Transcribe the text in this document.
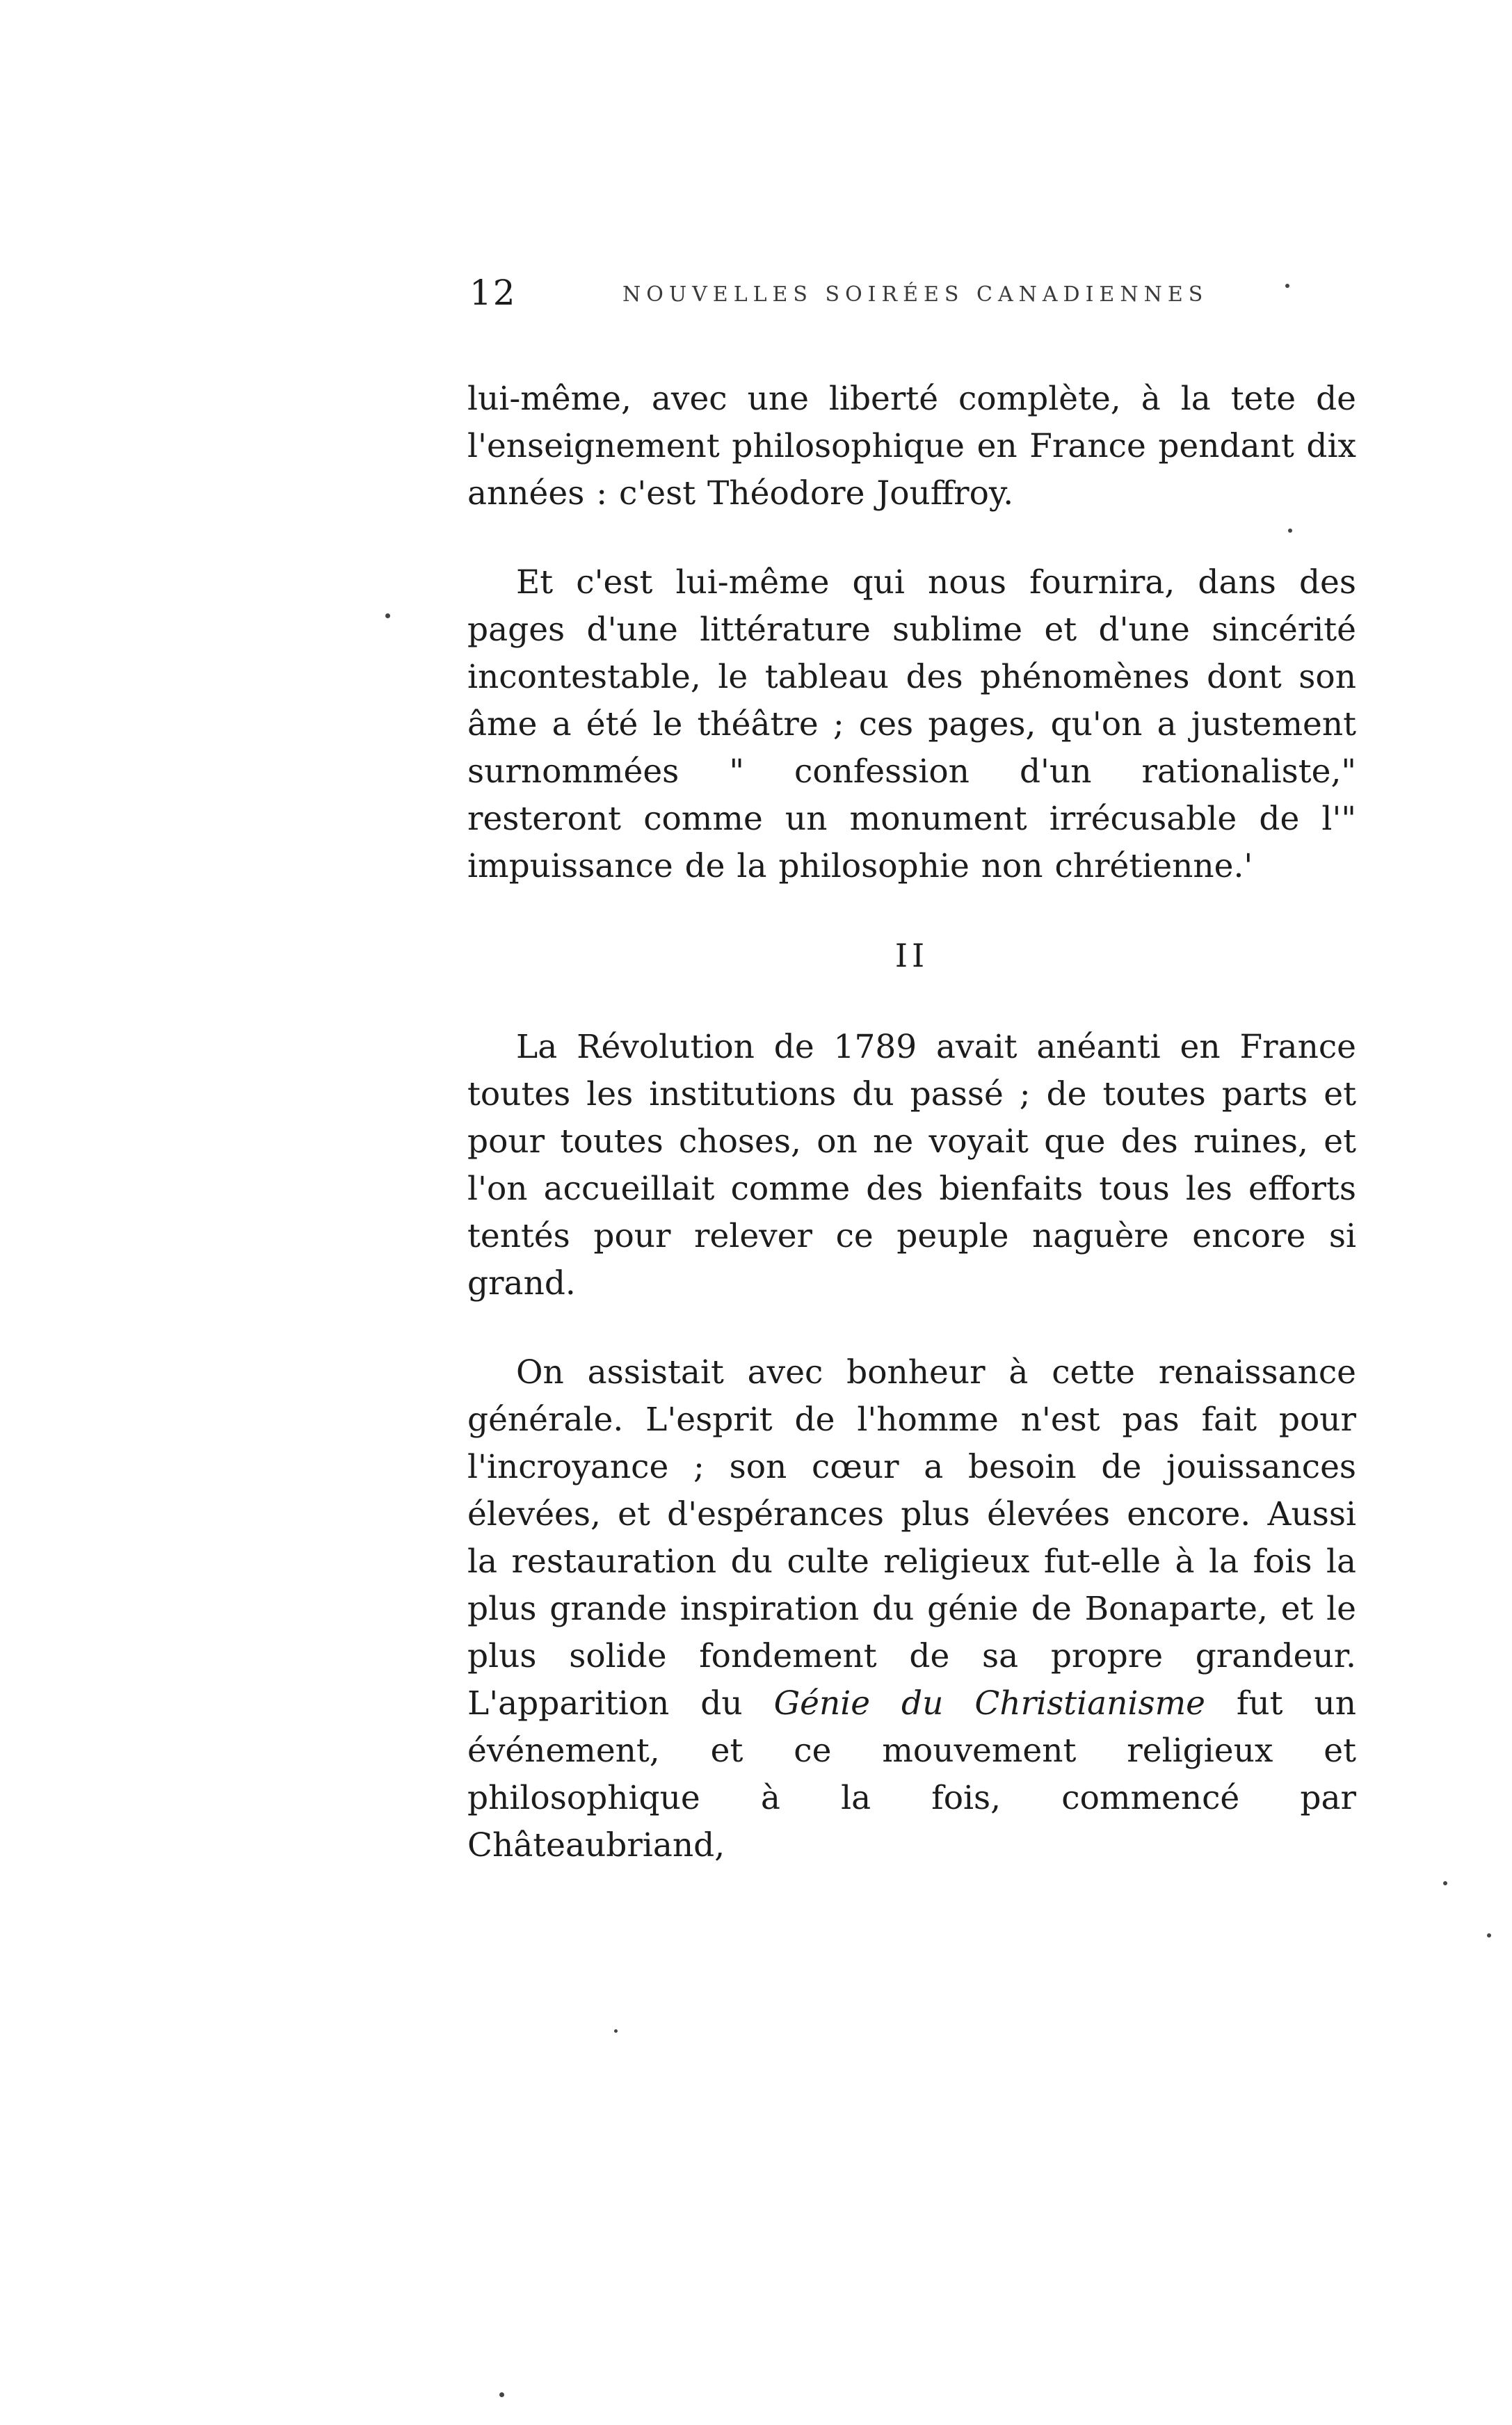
12	NOUVELLES SOIRÉES CANADIENNES

lui-même, avec une liberté complète, à la tete de l'enseignement philosophique en France pendant dix années : c'est Théodore Jouffroy.

Et c'est lui-même qui nous fournira, dans des pages d'une littérature sublime et d'une sincérité incontestable, le tableau des phénomènes dont son âme a été le théâtre ; ces pages, qu'on a justement surnommées " confession d'un rationaliste," resteront comme un monument irrécusable de l'" impuissance de la philosophie non chrétienne.'

II

La Révolution de 1789 avait anéanti en France toutes les institutions du passé ; de toutes parts et pour toutes choses, on ne voyait que des ruines, et l'on accueillait comme des bienfaits tous les efforts tentés pour relever ce peuple naguère encore si grand.

On assistait avec bonheur à cette renaissance générale. L'esprit de l'homme n'est pas fait pour l'incroyance ; son cœur a besoin de jouissances élevées, et d'espérances plus élevées encore. Aussi la restauration du culte religieux fut-elle à la fois la plus grande inspiration du génie de Bonaparte, et le plus solide fondement de sa propre grandeur. L'apparition du Génie du Christianisme fut un événement, et ce mouvement religieux et philosophique à la fois, commencé par Châteaubriand,
